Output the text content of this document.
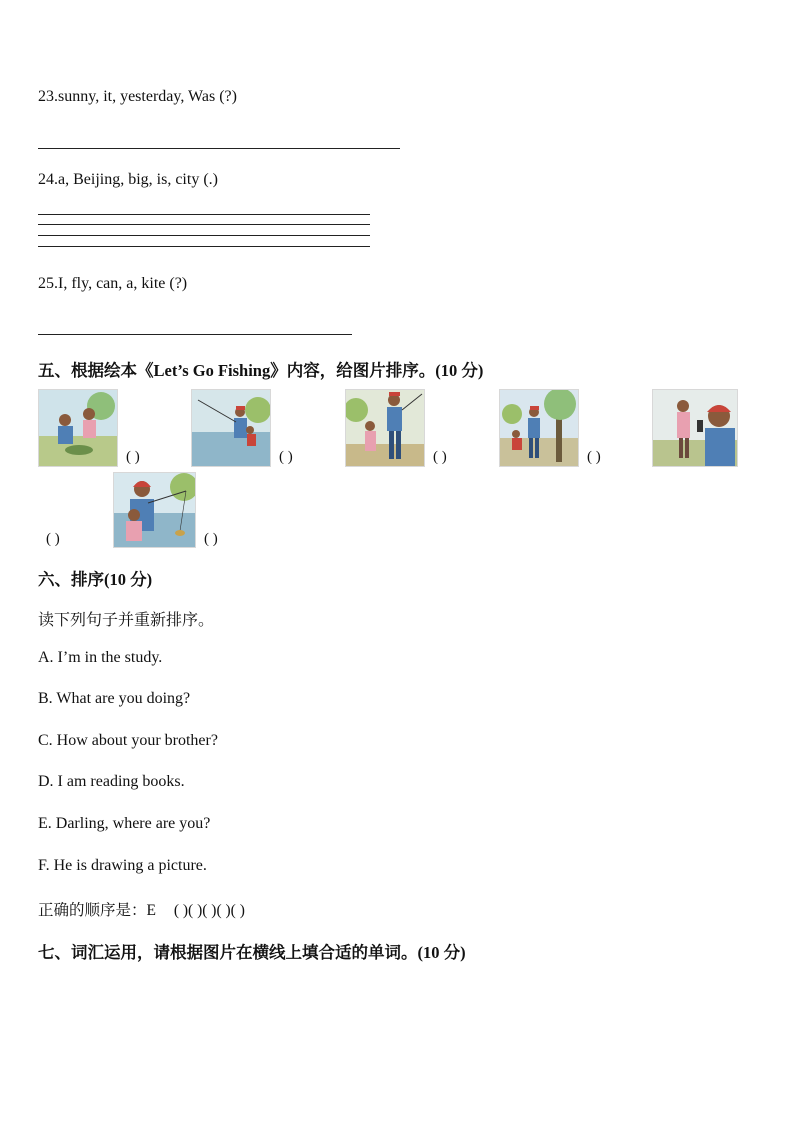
23.sunny, it, yesterday, Was (?)
24.a, Beijing, big, is, city (.)
25.I, fly, can, a, kite (?)
五、根据绘本《Let’s Go Fishing》内容，给图片排序。(10 分)
( )	( )	( )	( )
( )	( )
六、排序(10 分)
读下列句子并重新排序。
A. I’m in the study.
B. What are you doing?
C. How about your brother?
D. I am reading books.
E. Darling, where are you?
F. He is drawing a picture.
正确的顺序是：E ( )( )( )( )( )
七、词汇运用，请根据图片在横线上填合适的单词。(10 分)
